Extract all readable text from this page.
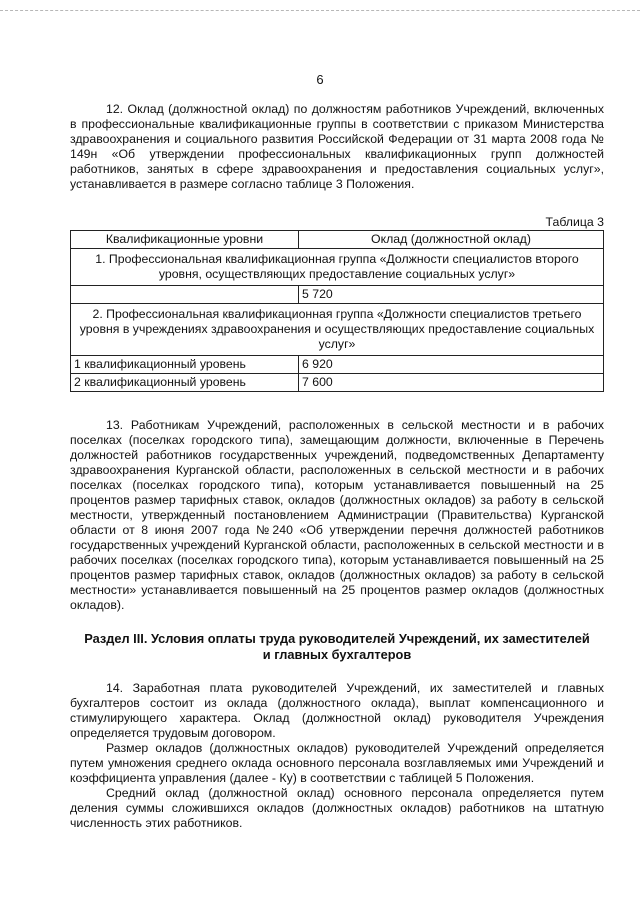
6

12. Оклад (должностной оклад) по должностям работников Учреждений, включенных в профессиональные квалификационные группы в соответствии с приказом Министерства здравоохранения и социального развития Российской Федерации от 31 марта 2008 года № 149н «Об утверждении профессиональных квалификационных групп должностей работников, занятых в сфере здравоохранения и предоставления социальных услуг», устанавливается в размере согласно таблице 3 Положения.

Таблица 3
Квалификационные уровни	Оклад (должностной оклад)
1. Профессиональная квалификационная группа «Должности специалистов второго уровня, осуществляющих предоставление социальных услуг»	
	5 720
2. Профессиональная квалификационная группа «Должности специалистов третьего уровня в учреждениях здравоохранения и осуществляющих предоставление социальных услуг»	
1 квалификационный уровень	6 920
2 квалификационный уровень	7 600

13. Работникам Учреждений, расположенных в сельской местности и в рабочих поселках (поселках городского типа), замещающим должности, включенные в Перечень должностей работников государственных учреждений, подведомственных Департаменту здравоохранения Курганской области, расположенных в сельской местности и в рабочих поселках (поселках городского типа), которым устанавливается повышенный на 25 процентов размер тарифных ставок, окладов (должностных окладов) за работу в сельской местности, утвержденный постановлением Администрации (Правительства) Курганской области от 8 июня 2007 года №240 «Об утверждении перечня должностей работников государственных учреждений Курганской области, расположенных в сельской местности и в рабочих поселках (поселках городского типа), которым устанавливается повышенный на 25 процентов размер тарифных ставок, окладов (должностных окладов) за работу в сельской местности» устанавливается повышенный на 25 процентов размер окладов (должностных окладов).

Раздел III. Условия оплаты труда руководителей Учреждений, их заместителей
и главных бухгалтеров

14. Заработная плата руководителей Учреждений, их заместителей и главных бухгалтеров состоит из оклада (должностного оклада), выплат компенсационного и стимулирующего характера. Оклад (должностной оклад) руководителя Учреждения определяется трудовым договором.

Размер окладов (должностных окладов) руководителей Учреждений определяется путем умножения среднего оклада основного персонала возглавляемых ими Учреждений и коэффициента управления (далее - Ку) в соответствии с таблицей 5 Положения.

Средний оклад (должностной оклад) основного персонала определяется путем деления суммы сложившихся окладов (должностных окладов) работников на штатную численность этих работников.
